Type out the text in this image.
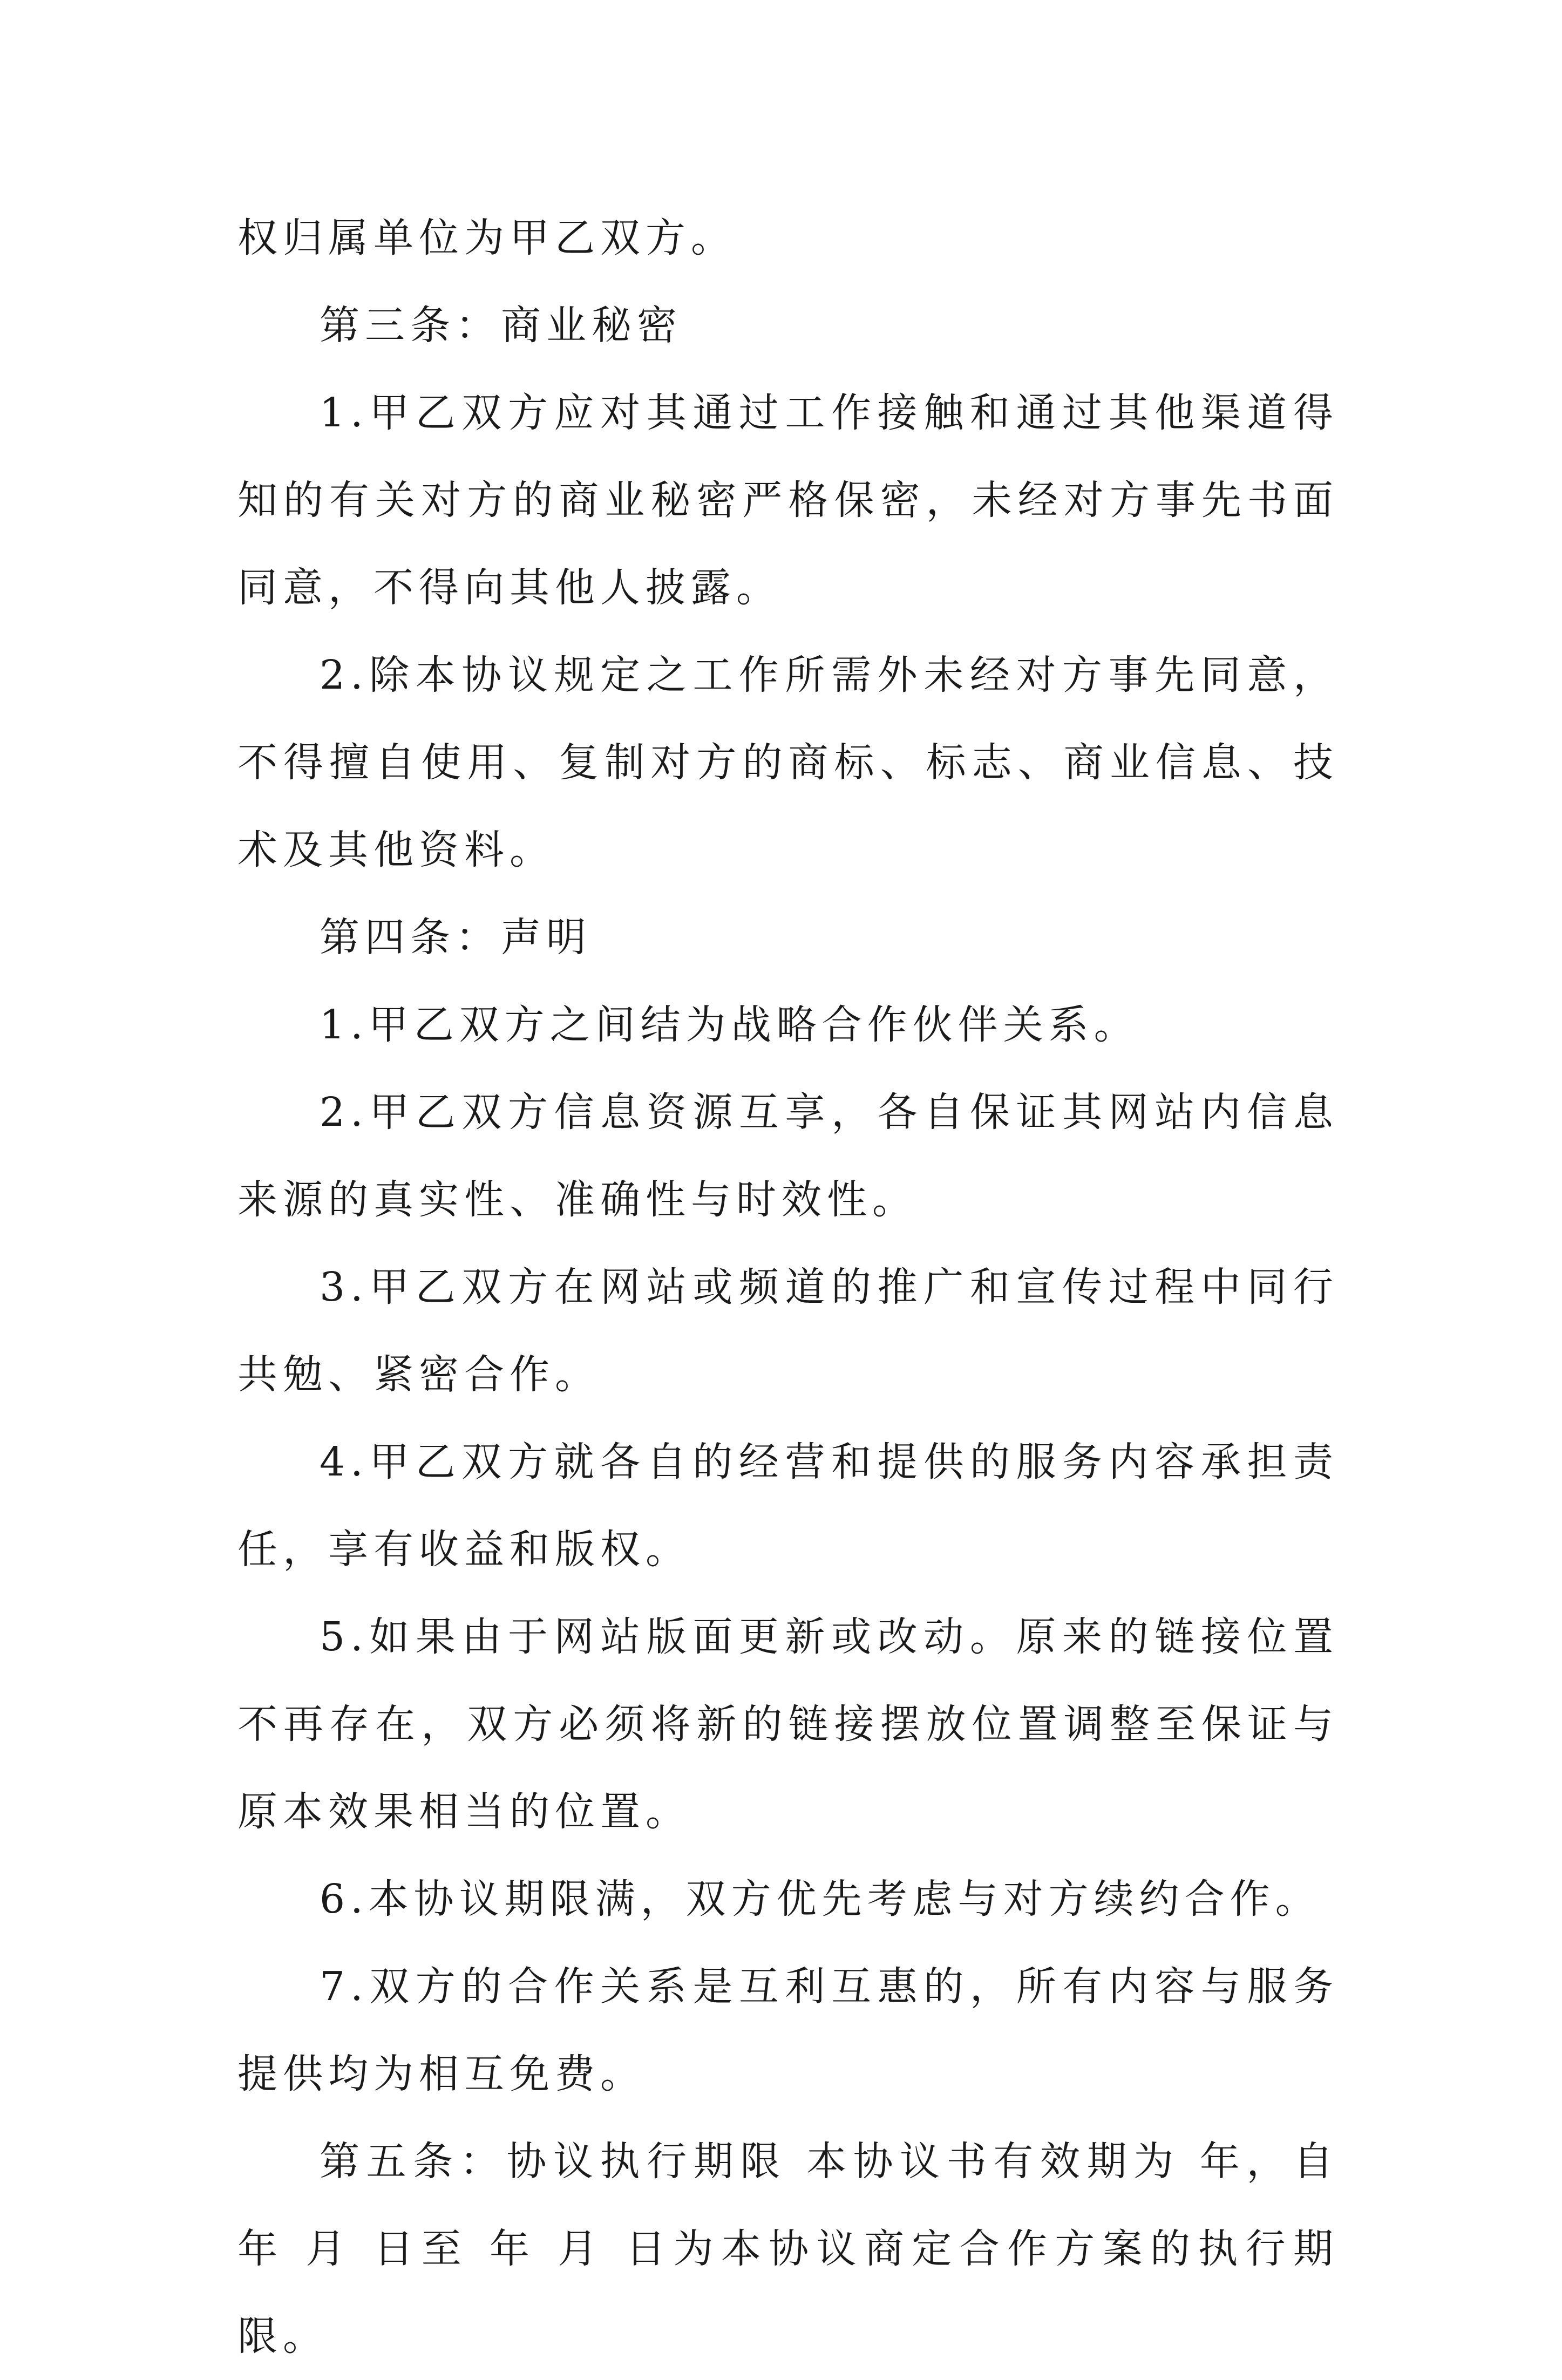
权归属单位为甲乙双方。

第三条：商业秘密

1.甲乙双方应对其通过工作接触和通过其他渠道得知的有关对方的商业秘密严格保密，未经对方事先书面同意，不得向其他人披露。

2.除本协议规定之工作所需外未经对方事先同意，不得擅自使用、复制对方的商标、标志、商业信息、技术及其他资料。

第四条：声明

1.甲乙双方之间结为战略合作伙伴关系。

2.甲乙双方信息资源互享，各自保证其网站内信息来源的真实性、准确性与时效性。

3.甲乙双方在网站或频道的推广和宣传过程中同行共勉、紧密合作。

4.甲乙双方就各自的经营和提供的服务内容承担责任，享有收益和版权。

5.如果由于网站版面更新或改动。原来的链接位置不再存在，双方必须将新的链接摆放位置调整至保证与原本效果相当的位置。

6.本协议期限满，双方优先考虑与对方续约合作。

7.双方的合作关系是互利互惠的，所有内容与服务提供均为相互免费。

第五条：协议执行期限 本协议书有效期为 年，自 年 月 日至 年 月 日为本协议商定合作方案的执行期限。
